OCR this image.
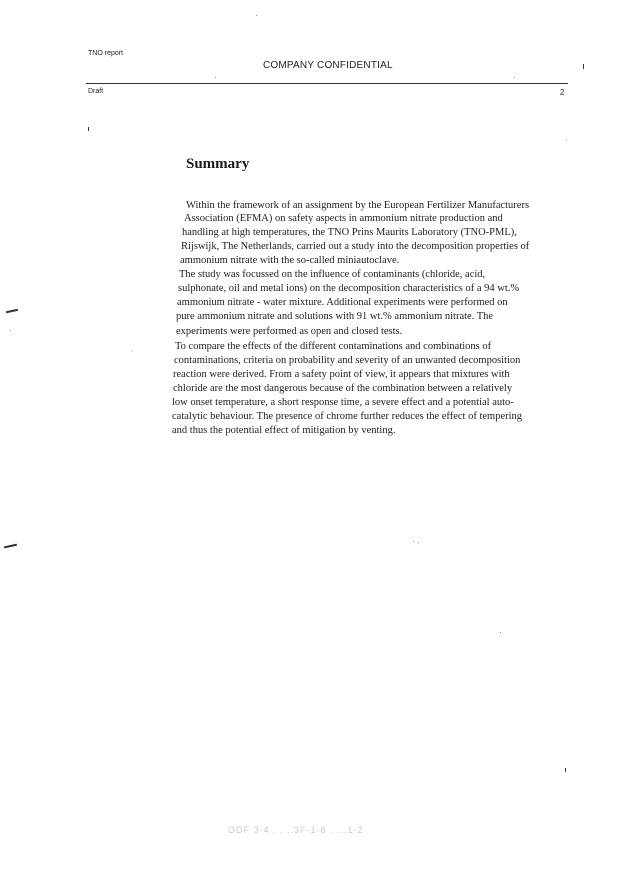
TNO report
COMPANY CONFIDENTIAL
Draft	2
Summary
Within the framework of an assignment by the European Fertilizer Manufacturers
Association (EFMA) on safety aspects in ammonium nitrate production and
handling at high temperatures, the TNO Prins Maurits Laboratory (TNO-PML),
Rijswijk, The Netherlands, carried out a study into the decomposition properties of
ammonium nitrate with the so-called miniautoclave.
The study was focussed on the influence of contaminants (chloride, acid,
sulphonate, oil and metal ions) on the decomposition characteristics of a 94 wt.%
ammonium nitrate - water mixture. Additional experiments were performed on
pure ammonium nitrate and solutions with 91 wt.% ammonium nitrate. The
experiments were performed as open and closed tests.
To compare the effects of the different contaminations and combinations of
contaminations, criteria on probability and severity of an unwanted decomposition
reaction were derived. From a safety point of view, it appears that mixtures with
chloride are the most dangerous because of the combination between a relatively
low onset temperature, a short response time, a severe effect and a potential auto-
catalytic behaviour. The presence of chrome further reduces the effect of tempering
and thus the potential effect of mitigation by venting.
ODF 3-4 . . ..3F-1-6 . ...1-2
